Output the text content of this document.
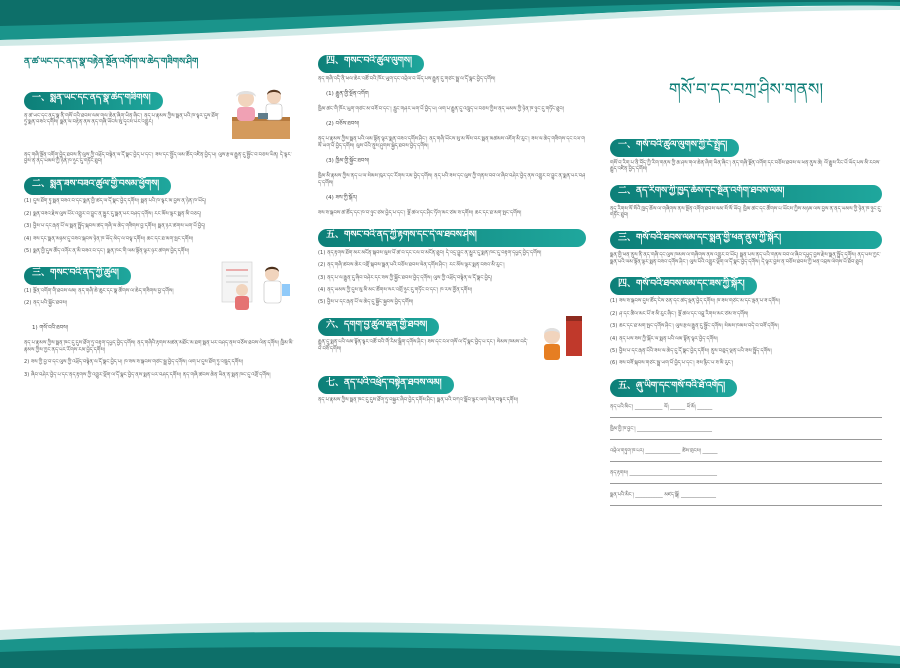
ན་ཚ་ཡང་དང་ནད་སྣ་བརྟེན་སྔོན་འགོག་ལ་ཆེད་གཟིགས་ཤིག
一、སྨན་ཡང་དང་ནད་སྣ་ཆེད་གཟིགས།
ན་ཚ་ཡང་དང་ནད་སྣ་ནི་གསོ་བའི་ཐབས་ལམ་གལ་ཆེན་ཞིག་ཡིན་ཞིང་། ནད་པ་རྣམས་ཀྱིས་སྨན་པའི་ཁ་ལྟར་དུས་ཐོག་ཏུ་སྨན་བཟའ་དགོས། སྨན་ལ་བརྟེན་ནས་ནད་གཞི་ཡོངས་སུ་དྭངས་པར་འགྱུར།
ནད་གཞི་སྔོན་འགོག་བྱེད་ཐབས་ནི་ལུས་ཀྱི་འཕྲོད་བསྟེན་ལ་དོ་སྣང་བྱེད་པ་དང་། ཟས་དང་སྤྱོད་ལམ་ཚོད་འཛིན་བྱེད་པ། ལུས་རྩལ་རྒྱུན་དུ་སྦྱོང་བ་བཅས་ཡིན། དེ་ལྟར་བྱས་ན་ནད་ཡམས་ཀྱི་ཉེན་ཁ་ཉུང་དུ་གཏོང་ཐུབ།
二、སྨན་ཟས་བཟའ་ཚུལ་གྱི་བསམ་ཕྱོགས།
(1) དུས་ཐོག་ཏུ་སྨན་བཟའ་བ་དང་སྨན་གྱི་ཚད་ལ་དོ་སྣང་བྱེད་དགོས། སྨན་པའི་ཁ་ལྟར་མ་བྱས་ན་ཉེན་ཁ་ཡོད།
(2) སྨན་བཟའ་རྗེས་ལུས་པོར་འགྱུར་བ་བྱུང་ན་མྱུར་དུ་སྨན་པར་བཤད་དགོས། རང་མོས་ལྟར་སྨན་མི་བཅད།
(3) བྱིས་པ་དང་རྒན་པོ་ལ་སྨན་སྤྲོད་སྐབས་ཚད་གཞི་ལ་ཆེད་གཟིགས་བྱ་དགོས། སྨན་ཉར་ཚགས་ཡག་པོ་བྱེད།
(4) ཟས་དང་སྨན་མཉམ་དུ་བཟའ་སྐབས་ཉེན་ཁ་ཡོད་མེད་ལ་བལྟ་དགོས། ཆང་དང་ཐ་མག་སྤང་དགོས།
(5) སྨན་གྱི་དུས་ཚོད་འགོར་ན་མི་བཟའ་བ་དང་། སྨན་ཁང་གི་ལམ་སྟོན་ལྟར་ཉར་ཚགས་བྱེད་དགོས།
三、གསང་བའི་ནད་ཀྱི་ཚུལ།
(1) སྔོན་འགོག་གི་ཐབས་ལམ། ནད་གཞི་ཆེ་ཆུང་དང་སྣ་ཚོགས་ལ་ཆེད་གཟིགས་བྱ་དགོས།
(2) ནད་པའི་སྐྱོང་ཐབས།
1) གསོ་བའི་ཐབས།
ནད་པ་རྣམས་ཀྱིས་སྨན་ཁང་དུ་དུས་ཐོག་ཏུ་བརྟག་དཔྱད་བྱེད་དགོས། ནད་གཞིའི་རྟགས་མཚན་མཐོང་མ་ཐག་སྨན་པར་བཤད་ནས་བཅོས་ཐབས་ལེན་དགོས། ཁྱིམ་མི་རྣམས་ཀྱིས་ཀྱང་ནད་པར་རོགས་རམ་བྱེད་དགོས།
2) ཟས་ཀྱི་བྱ་བ་དང་ལུས་ཀྱི་འཕྲོད་བསྟེན་ལ་དོ་སྣང་བྱེད་པ། ཁ་ཟས་ཟ་སྐབས་གཙང་སྦྲ་བྱེད་དགོས། ལག་པ་དུས་ཐོག་ཏུ་འཁྲུད་དགོས།
3) ཞིབ་བཤེར་བྱེད་པ་དང་ནད་རྟགས་ཀྱི་འགྱུར་ལྡོག་ལ་དོ་སྣང་བྱེད་ནས་སྨན་པར་བཤད་དགོས། ནད་གཞི་ཚབས་ཆེན་ཡིན་ན་སྨན་ཁང་དུ་འགྲོ་དགོས།
四、གསང་བའི་ཚུལ་ལུགས།
ནད་གཞི་འདི་ནི་ཕལ་ཆེར་འཚོ་བའི་ཁོར་ཡུག་དང་འབྲེལ་བ་ཡོད་པས་རྒྱུན་དུ་གཙང་སྦྲ་ལ་དོ་སྣང་བྱེད་དགོས།
(1) རྒྱུན་གྱི་སྔོན་འགོག
ཁྱིམ་ཚང་གི་ཁོར་ཡུག་གཙང་མ་བཟོ་བ་དང་། རླུང་གཤར་ཡག་པོ་བྱེད་པ། ལག་པ་རྒྱུན་དུ་འཁྲུད་པ་བཅས་ཀྱིས་ནད་ཡམས་ཀྱི་ཉེན་ཁ་ཉུང་དུ་གཏོང་ཐུབ།
(2) བཅོས་ཐབས།
ནད་པ་རྣམས་ཀྱིས་སྨན་པའི་ལམ་སྟོན་ལྟར་སྨན་བཟའ་དགོས་ཤིང་། ནད་གཞི་ཡོངས་སུ་མ་སོས་བར་སྨན་མཚམས་འཇོག་མི་རུང་། ཟས་ལ་ཆེད་གཟིགས་དང་ངལ་གསོ་ཡག་པོ་བྱེད་དགོས། ལུས་པོའི་ནུས་ཤུགས་སྐྱེད་ཐབས་བྱེད་དགོས།
(3) ཁྱིམ་གྱི་སྐྱོང་ཐབས།
ཁྱིམ་མི་རྣམས་ཀྱིས་ནད་པ་ལ་སེམས་ཁུར་དང་རོགས་རམ་བྱེད་དགོས། ནད་པའི་ཟས་དང་ལུས་ཀྱི་གནས་བབ་ལ་ཞིབ་བཤེར་བྱེད་ནས་འགྱུར་བ་བྱུང་ན་སྨན་པར་བཤད་དགོས།
(4) ཟས་ཀྱི་སྐོར།
ཟས་ཟ་སྐབས་ཚ་ཚོད་དང་ཁ་བ་ཉུང་ཙམ་བྱེད་པ་དང་། སྔོ་ཚལ་དང་ཤིང་ཏོག་མང་ཙམ་ཟ་དགོས། ཆང་དང་ཐ་མག་སྤང་དགོས།
五、གསང་བའི་ནད་ཀྱི་རྟགས་དང་དེ་ལ་ཐབས་ཤེས།
(1) ནད་རྟགས་ཐོག་མར་མངོན་སྐབས་ལུས་པོ་ཚ་བ་དང་ངལ་བ་མངོན་ཐུབ། དེ་འདྲ་བྱུང་ན་མྱུར་དུ་སྨན་ཁང་དུ་བརྟག་དཔྱད་བྱེད་དགོས།
(2) ནད་གཞི་ཚབས་ཆེར་འགྲོ་སྐབས་སྨན་པའི་བཅོས་ཐབས་ལེན་དགོས་ཤིང་། རང་མོས་ལྟར་སྨན་བཟའ་མི་རུང་།
(3) ནད་པ་ལ་རྒྱུན་དུ་ཞིབ་བཤེར་དང་ཟས་ཀྱི་སྐྱོང་ཐབས་བྱེད་དགོས། ལུས་ཀྱི་འཕྲོད་བསྟེན་ལ་དོ་སྣང་བྱེད།
(4) ནད་ཡམས་ཀྱི་དུས་སུ་མི་མང་ཚོགས་སར་འགྲོ་ཉུང་དུ་གཏོང་བ་དང་། ཁ་རས་གྱོན་དགོས།
(5) བྱིས་པ་དང་རྒན་པོ་ལ་ཆེད་དུ་སྐྱོང་སྐྱབས་བྱེད་དགོས།
六、དགག་བྱ་ཚུལ་ལྡན་གྱི་ཐབས།
རྒྱུན་དུ་སྨན་པའི་ལམ་སྟོན་ལྟར་འཚོ་བའི་གོ་རིམ་སྒྲིག་དགོས་ཤིང་། ཟས་དང་ངལ་གསོ་ལ་དོ་སྣང་བྱེད་པ་དང་། སེམས་ཁམས་བདེ་བ་བཟོ་དགོས།
七、ནད་པའི་འཕྲོད་བསྟེན་ཐབས་ལམ།
ནད་པ་རྣམས་ཀྱིས་སྨན་ཁང་དུ་དུས་ཐོག་ཏུ་བསྐྱར་ཞིབ་བྱེད་དགོས་ཤིང་། སྨན་པའི་བཀའ་སློབ་ལྟར་ལག་ལེན་བསྟར་དགོས།
གསོ་བ་དང་བཀྲ་ཤིས་གནས།
一、གསོ་བའི་ཚུལ་ལུགས་ཀྱི་ངོ་སྤྲོད།
གསོ་བ་རིག་པ་ནི་བོད་ཀྱི་རིག་གནས་ཀྱི་ཆ་ཤས་གལ་ཆེན་ཞིག་ཡིན་ཞིང་། ནད་གཞི་སྔོན་འགོག་དང་བཅོས་ཐབས་ལ་ཕན་ནུས་ཆེ། ལོ་རྒྱུས་རིང་པོ་ཡོད་པས་མི་རབས་རྒྱུད་འཛིན་བྱེད་དགོས།
二、ནད་རིགས་ཀྱི་ཁྱད་ཆོས་དང་སྔོན་འགོག་ཐབས་ལམ།
ནད་རིགས་སོ་སོའི་ཁྱད་ཆོས་ལ་གཞིགས་ནས་སྔོན་འགོག་ཐབས་ལམ་སོ་སོ་ཡོད། ཁྱིམ་ཚང་དང་ཚོགས་པ་ཡོངས་ཀྱིས་མཉམ་ལས་བྱས་ན་ནད་ཡམས་ཀྱི་ཉེན་ཁ་ཉུང་དུ་གཏོང་ཐུབ།
三、གསོ་བའི་ཐབས་ལམ་དང་སྨན་གྱི་ཕན་ནུས་ཀྱི་སྐོར།
སྨན་གྱི་ཕན་ནུས་ནི་ནད་གཞི་དང་ལུས་ཁམས་ལ་གཞིགས་ནས་འགྱུར་བ་ཡོད། སྨན་པས་ནད་པའི་གནས་བབ་ལ་ཞིབ་དཔྱད་བྱས་རྗེས་སྨན་སྤྲོད་དགོས། ནད་པས་ཀྱང་སྨན་པའི་ལམ་སྟོན་ལྟར་སྨན་བཟའ་དགོས་ཤིང་། ལུས་པོའི་འགྱུར་ལྡོག་ལ་དོ་སྣང་བྱེད་དགོས། དེ་ལྟར་བྱས་ན་བཅོས་ཐབས་ཀྱི་ཕན་འབྲས་ལེགས་པོ་ཐོབ་ཐུབ།
四、གསོ་བའི་ཐབས་ལམ་དང་ཟས་ཀྱི་སྐོར།
(1) ཟས་ཟ་སྐབས་དུས་ཚོད་ངེས་ཅན་དང་ཚད་ལྡན་བྱེད་དགོས། ཁ་ཟས་གཙང་མ་དང་ལྡན་པ་ཟ་དགོས།
(2) ཤ་དང་ཚིལ་མང་པོ་ཟ་མི་རུང་ཞིང་། སྔོ་ཚལ་དང་འབྲུ་རིགས་མང་ཙམ་ཟ་དགོས།
(3) ཆང་དང་ཐ་མག་སྤང་དགོས་ཤིང་། ལུས་རྩལ་རྒྱུན་དུ་སྦྱོང་དགོས། སེམས་ཁམས་བདེ་བ་བཟོ་དགོས།
(4) ནད་པས་ཟས་ཀྱི་སྐོར་ལ་སྨན་པའི་ལམ་སྟོན་ལྟར་བྱེད་དགོས།
(5) བྱིས་པ་དང་རྒན་པོའི་ཟས་ལ་ཆེད་དུ་དོ་སྣང་བྱེད་དགོས། ནུས་བཅུད་ལྡན་པའི་ཟས་སྤྲོད་དགོས།
(6) ཟས་བཟོ་སྐབས་གཙང་སྦྲ་ཡག་པོ་བྱེད་པ་དང་། ཟས་རྙིང་པ་ཟ་མི་རུང་།
五、ཞུ་ཡིག་དང་གསོ་བའི་ཐོ་འགོད།
ནད་པའི་མིང་། ___________ ལོ། ______ ཕོ་མོ། ______
ཁྱིམ་གྱི་ཁ་བྱང་། ______________________________
འབྲེལ་གཏུག་ཁ་པར། ______________ ཚེས་གྲངས། ______
ནད་རྟགས། ___________________________________
སྨན་པའི་མིང་། ___________ མཛད་སྒོ། ______________
